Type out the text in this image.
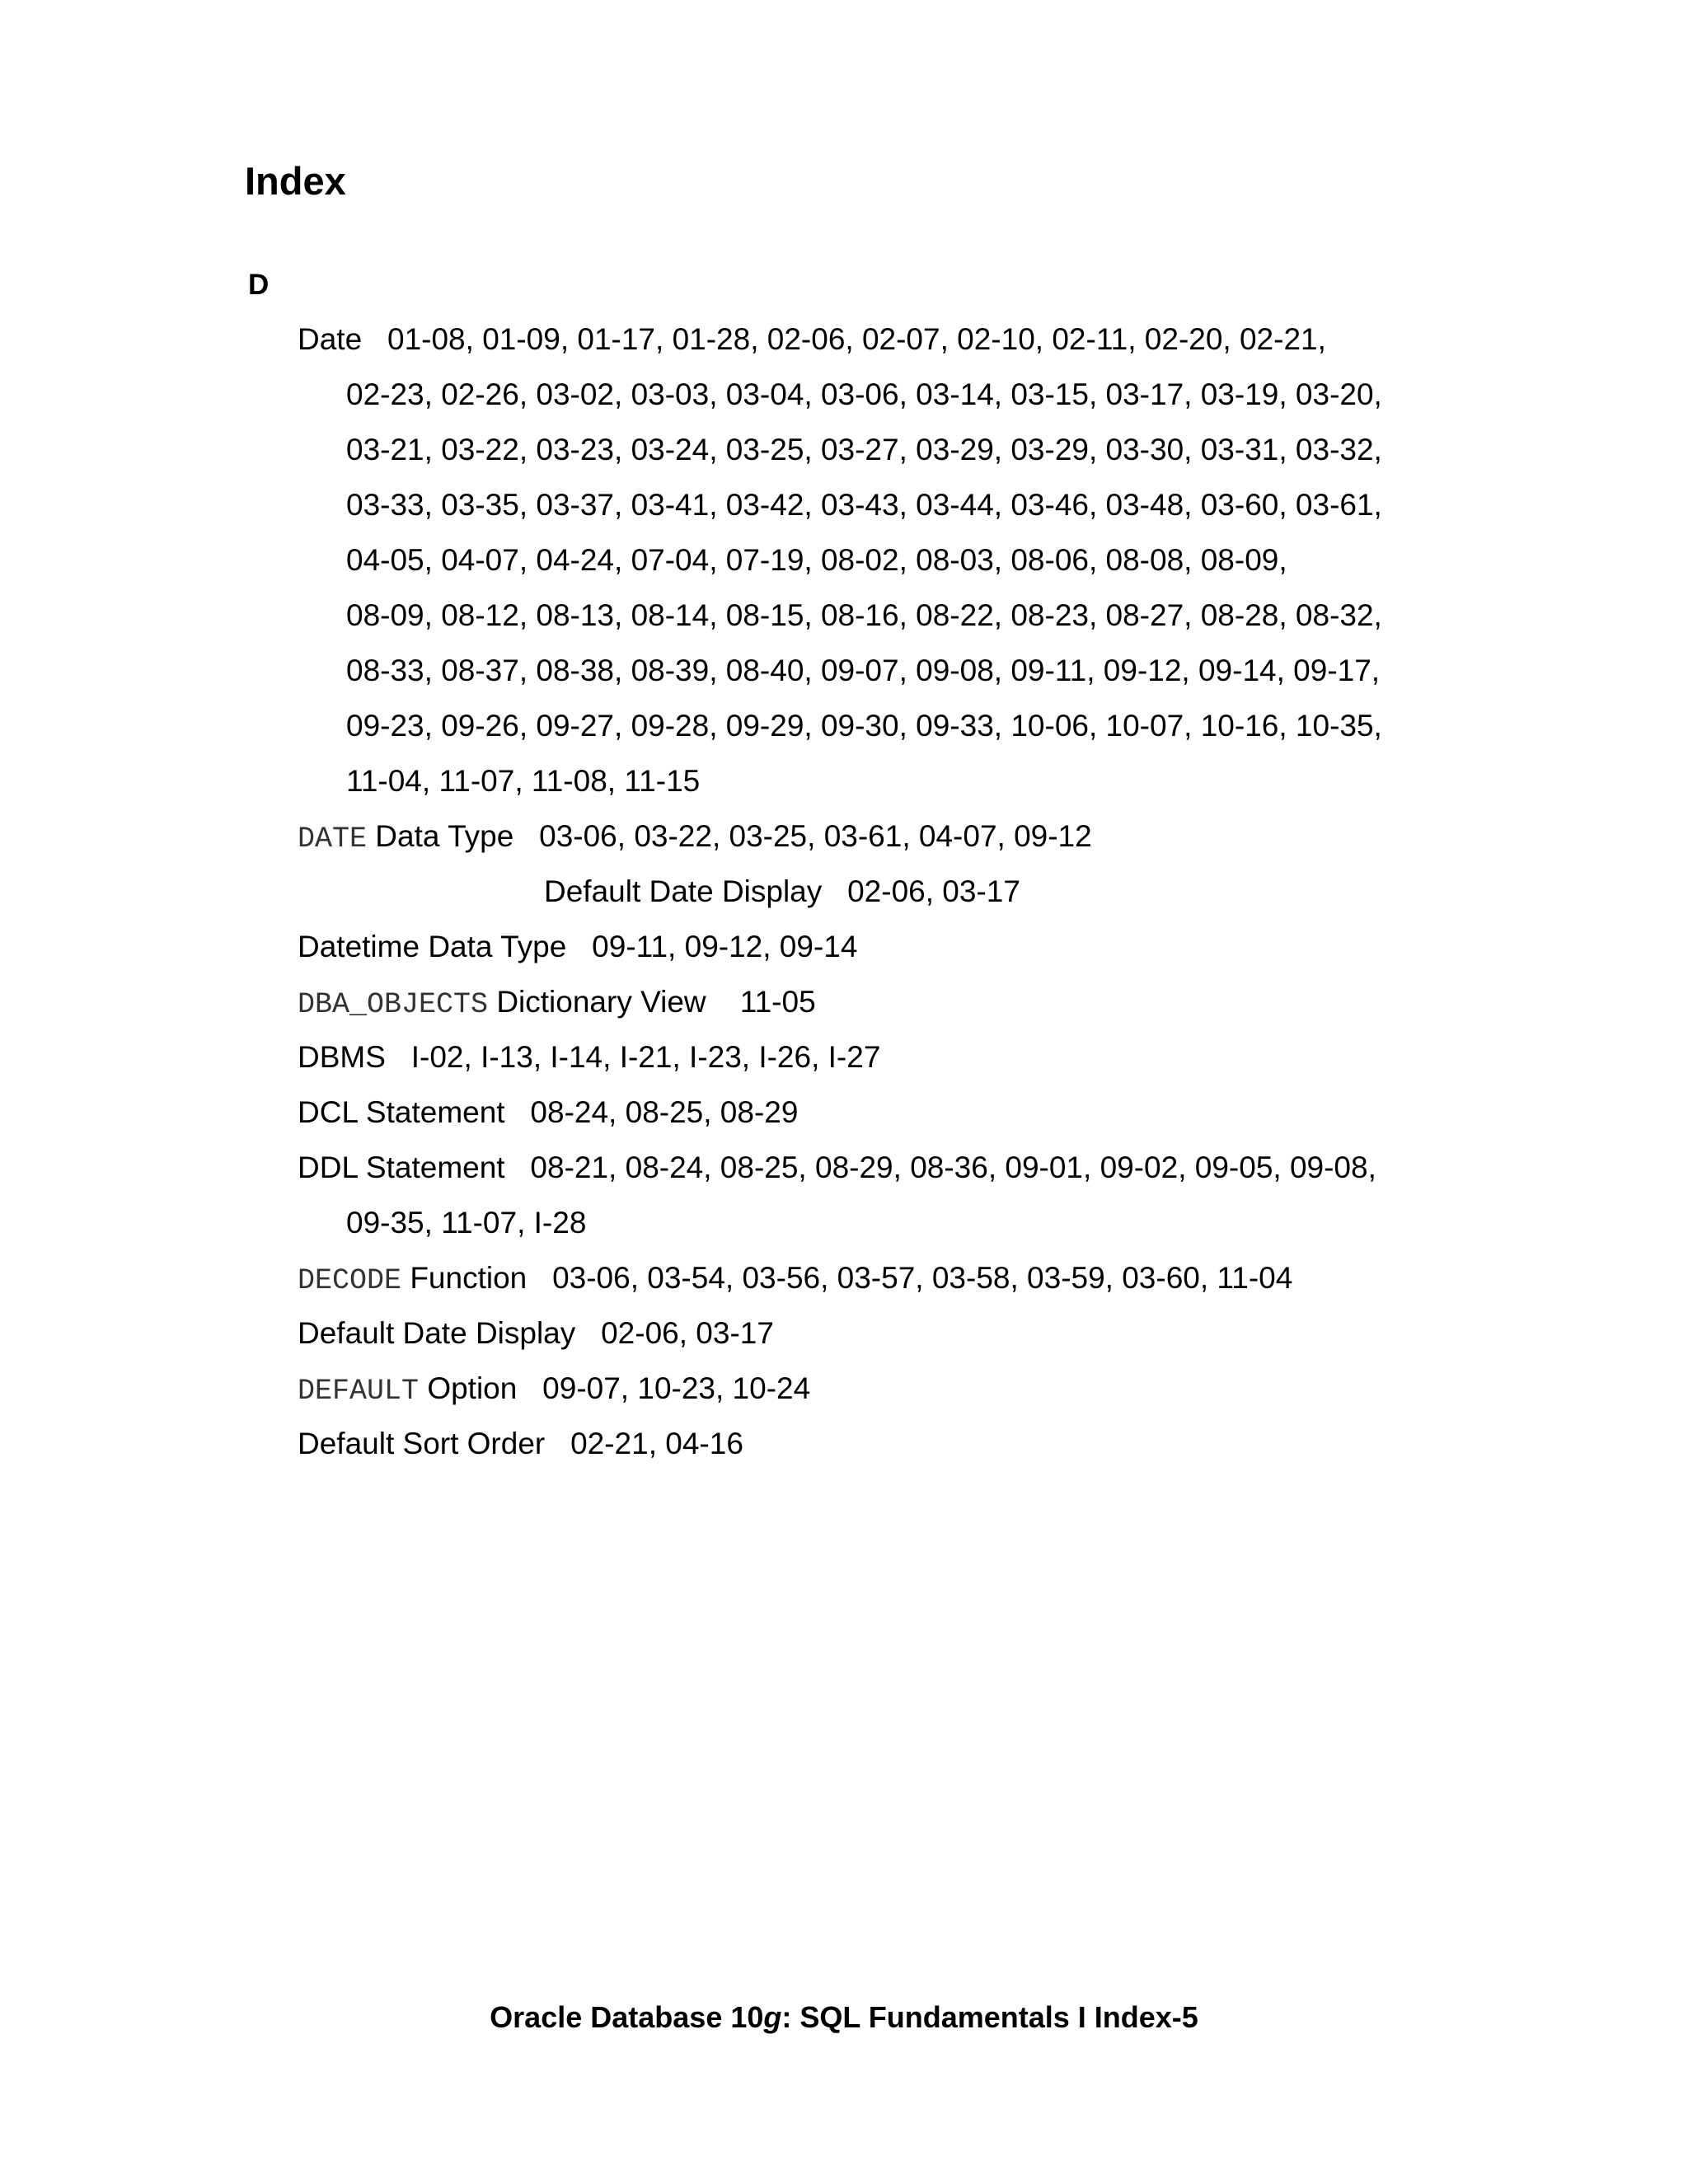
Index
D
Date 01-08, 01-09, 01-17, 01-28, 02-06, 02-07, 02-10, 02-11, 02-20, 02-21,
02-23, 02-26, 03-02, 03-03, 03-04, 03-06, 03-14, 03-15, 03-17, 03-19, 03-20,
03-21, 03-22, 03-23, 03-24, 03-25, 03-27, 03-29, 03-29, 03-30, 03-31, 03-32,
03-33, 03-35, 03-37, 03-41, 03-42, 03-43, 03-44, 03-46, 03-48, 03-60, 03-61,
04-05, 04-07, 04-24, 07-04, 07-19, 08-02, 08-03, 08-06, 08-08, 08-09,
08-09, 08-12, 08-13, 08-14, 08-15, 08-16, 08-22, 08-23, 08-27, 08-28, 08-32,
08-33, 08-37, 08-38, 08-39, 08-40, 09-07, 09-08, 09-11, 09-12, 09-14, 09-17,
09-23, 09-26, 09-27, 09-28, 09-29, 09-30, 09-33, 10-06, 10-07, 10-16, 10-35,
11-04, 11-07, 11-08, 11-15
DATE Data Type 03-06, 03-22, 03-25, 03-61, 04-07, 09-12
Default Date Display 02-06, 03-17
Datetime Data Type 09-11, 09-12, 09-14
DBA_OBJECTS Dictionary View    11-05
DBMS I-02, I-13, I-14, I-21, I-23, I-26, I-27
DCL Statement 08-24, 08-25, 08-29
DDL Statement 08-21, 08-24, 08-25, 08-29, 08-36, 09-01, 09-02, 09-05, 09-08,
09-35, 11-07, I-28
DECODE Function 03-06, 03-54, 03-56, 03-57, 03-58, 03-59, 03-60, 11-04
Default Date Display 02-06, 03-17
DEFAULT Option 09-07, 10-23, 10-24
Default Sort Order 02-21, 04-16
Oracle Database 10g: SQL Fundamentals I Index-5
